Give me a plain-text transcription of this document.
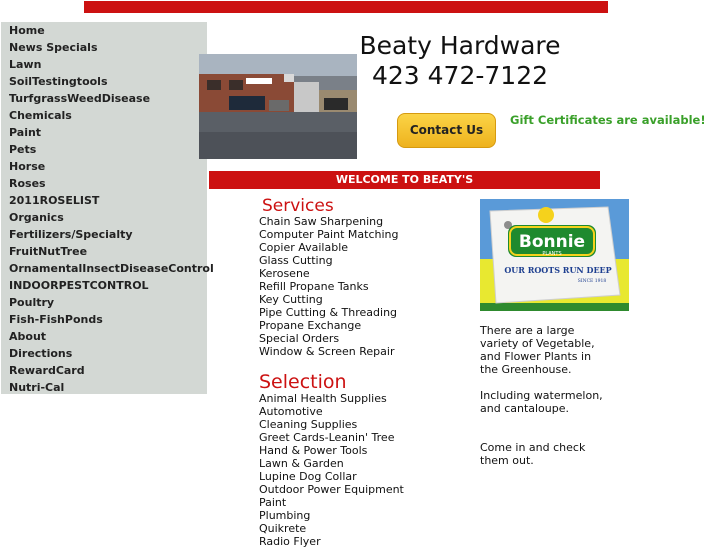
Home
News Specials
Lawn
SoilTestingtools
TurfgrassWeedDisease
Chemicals
Paint
Pets
Horse
Roses
2011ROSELIST
Organics
Fertilizers/Specialty
FruitNutTree
OrnamentalInsectDiseaseControl
INDOORPESTCONTROL
Poultry
Fish-FishPonds
About
Directions
RewardCard
Nutri-Cal
Beaty Hardware
423 472-7122
Contact Us
Gift Certificates are available!
WELCOME TO BEATY'S
Services
Chain Saw Sharpening
Computer Paint Matching
Copier Available
Glass Cutting
Kerosene
Refill Propane Tanks
Key Cutting
Pipe Cutting & Threading
Propane Exchange
Special Orders
Window & Screen Repair
Selection
Animal Health Supplies
Automotive
Cleaning Supplies
Greet Cards-Leanin' Tree
Hand & Power Tools
Lawn & Garden
Lupine Dog Collar
Outdoor Power Equipment
Paint
Plumbing
Quikrete
Radio Flyer
Bonnie
PLANTS
OUR ROOTS RUN DEEP
SINCE 1918

There are a large variety of Vegetable, and Flower Plants in the Greenhouse.

Including watermelon, and cantaloupe.

Come in and check them out.
